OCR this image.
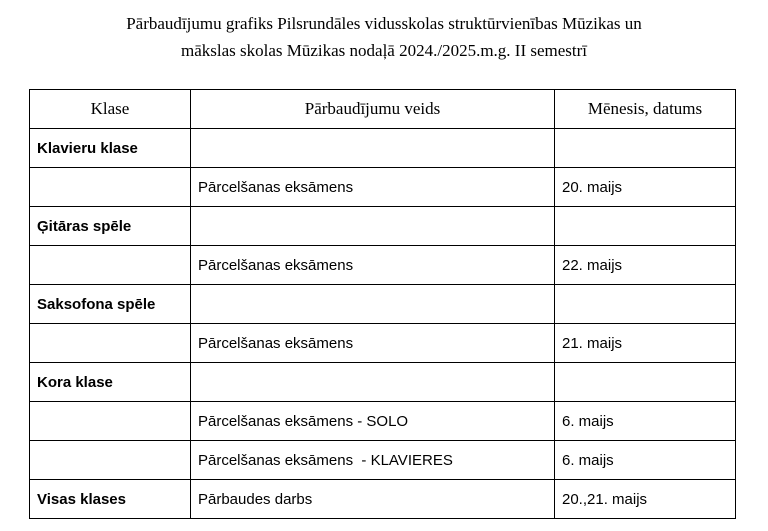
Pārbaudījumu grafiks Pilsrundāles vidusskolas struktūrvienības Mūzikas un
mākslas skolas Mūzikas nodaļā 2024./2025.m.g. II semestrī
Klase	Pārbaudījumu veids	Mēnesis, datums
Klavieru klase		
	Pārcelšanas eksāmens	20. maijs
Ģitāras spēle		
	Pārcelšanas eksāmens	22. maijs
Saksofona spēle		
	Pārcelšanas eksāmens	21. maijs
Kora klase		
	Pārcelšanas eksāmens - SOLO	6. maijs
	Pārcelšanas eksāmens  - KLAVIERES	6. maijs
Visas klases	Pārbaudes darbs	20.,21. maijs
